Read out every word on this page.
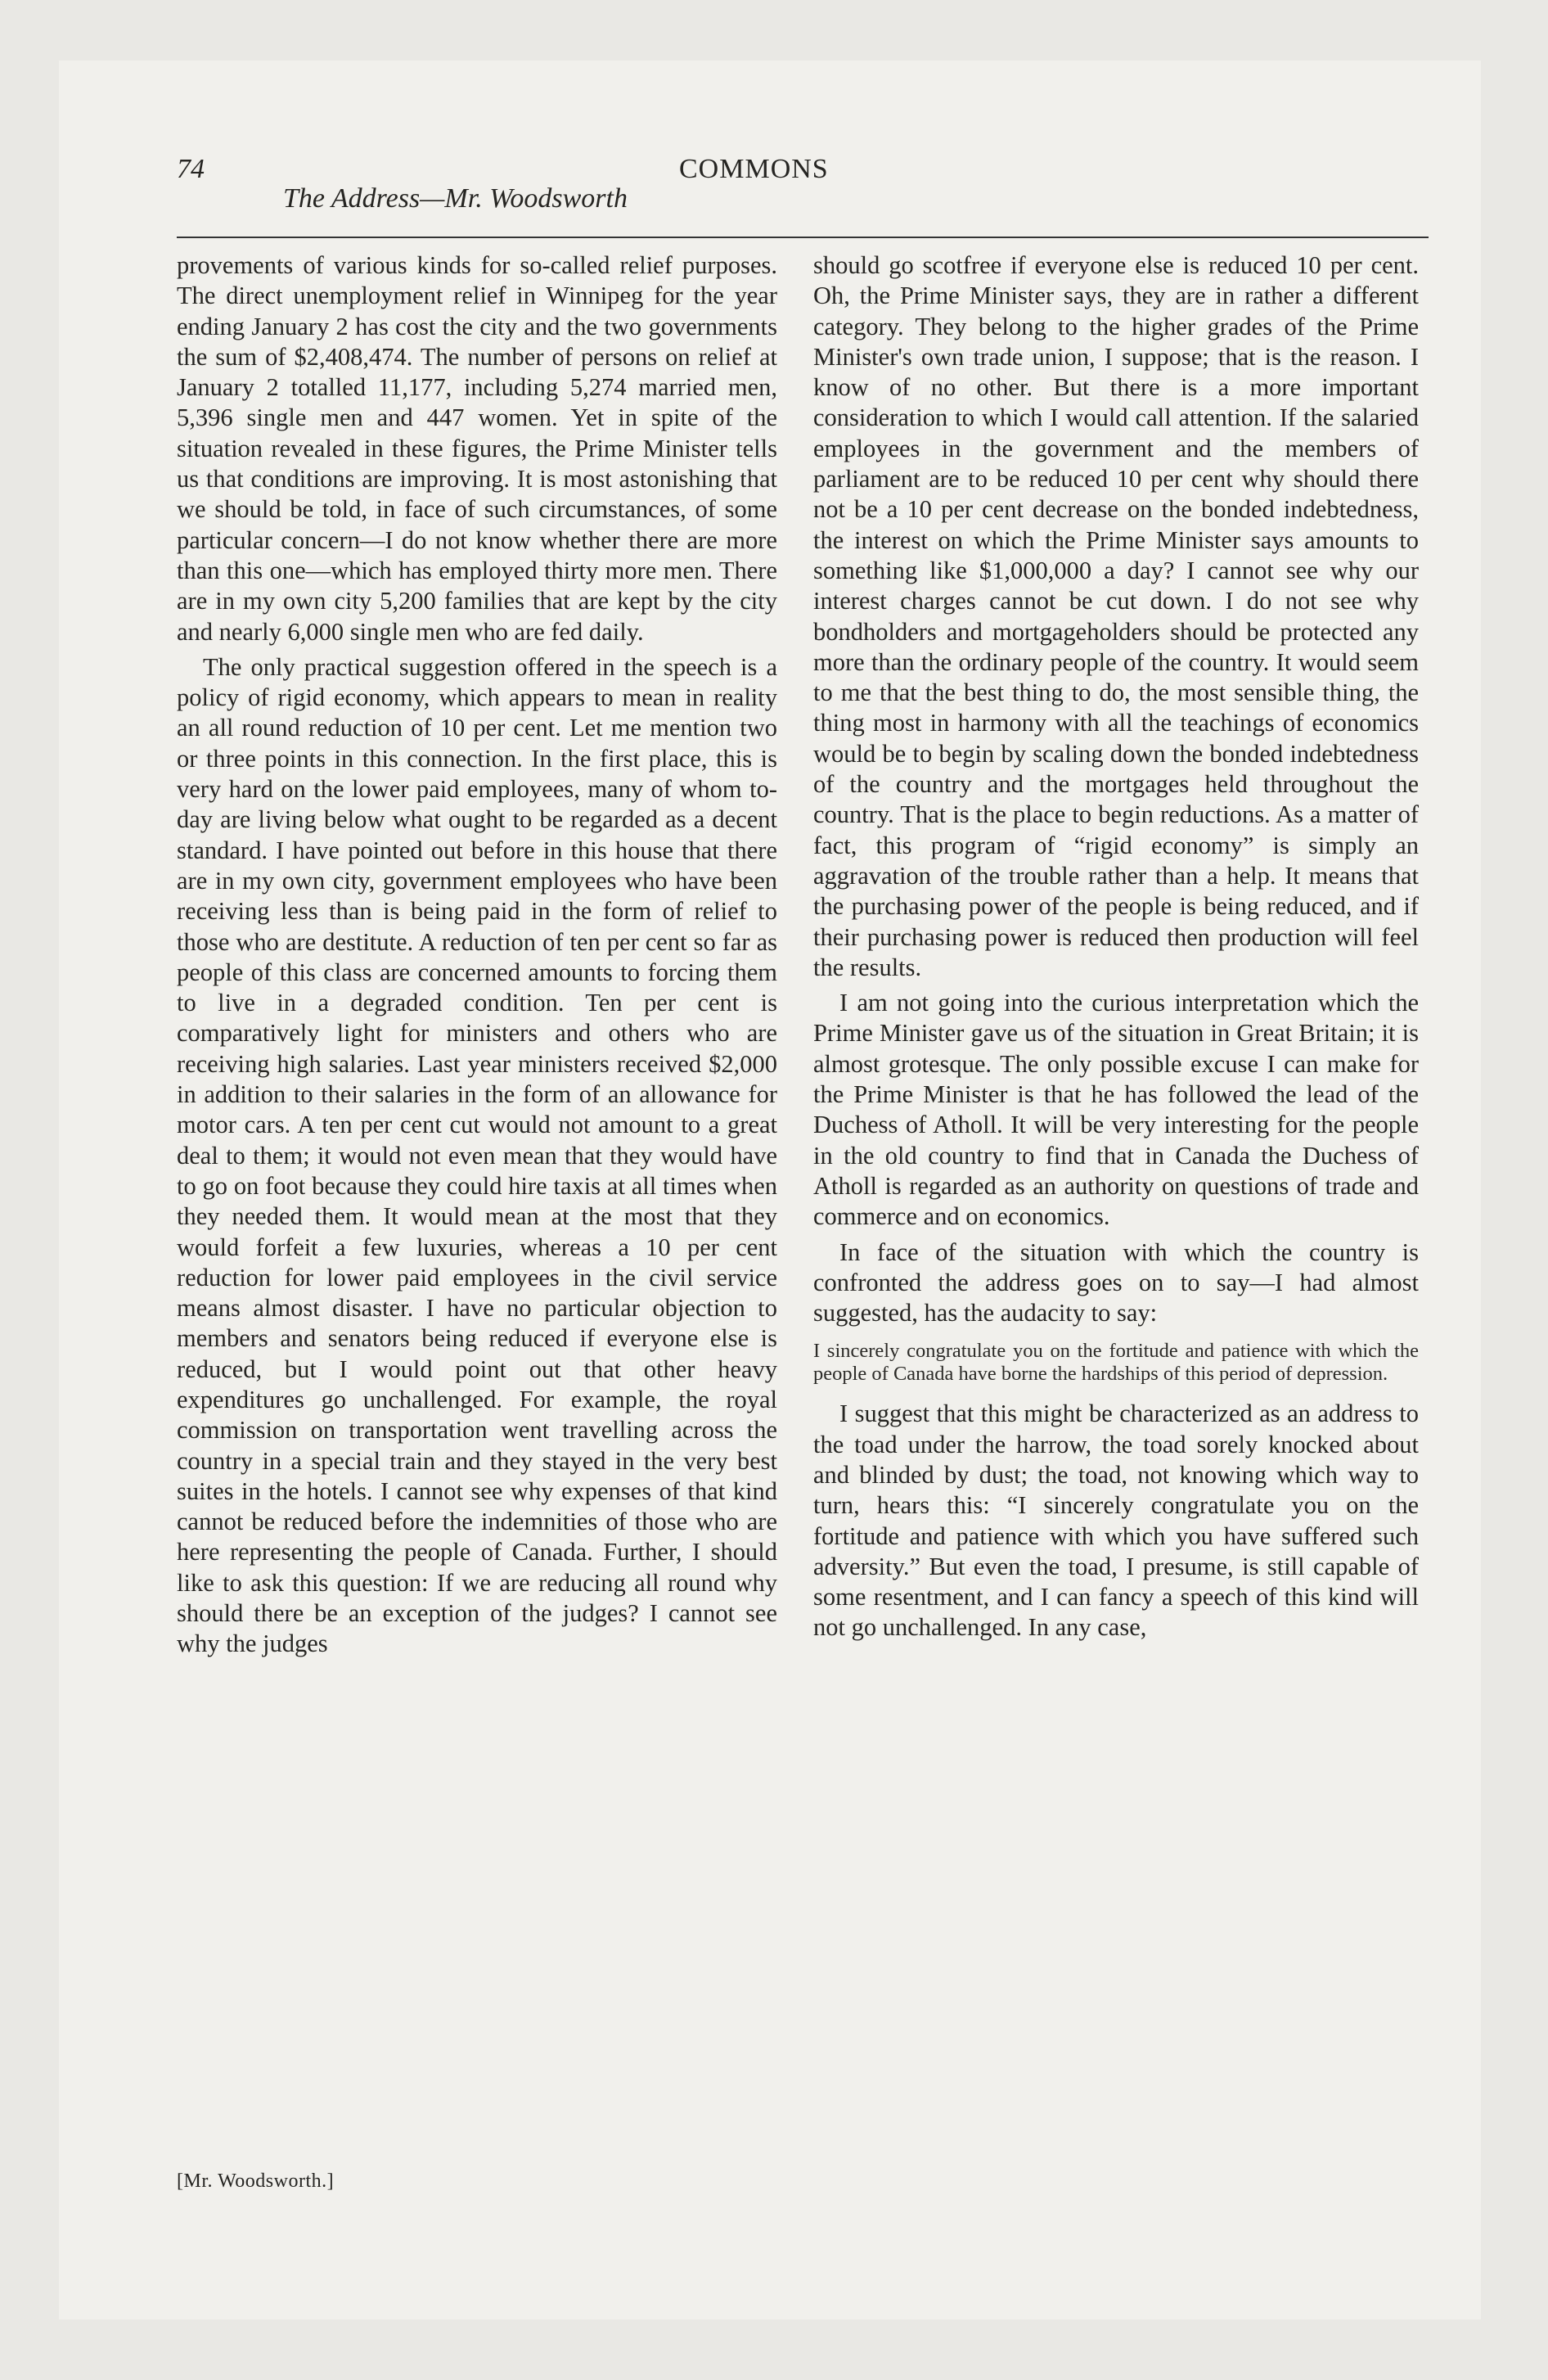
74	COMMONS
The Address—Mr. Woodsworth

provements of various kinds for so-called relief purposes. The direct unemployment relief in Winnipeg for the year ending January 2 has cost the city and the two governments the sum of $2,408,474. The number of persons on relief at January 2 totalled 11,177, including 5,274 married men, 5,396 single men and 447 women. Yet in spite of the situation revealed in these figures, the Prime Minister tells us that conditions are improving. It is most astonishing that we should be told, in face of such circumstances, of some particular concern—I do not know whether there are more than this one—which has employed thirty more men. There are in my own city 5,200 families that are kept by the city and nearly 6,000 single men who are fed daily.

The only practical suggestion offered in the speech is a policy of rigid economy, which appears to mean in reality an all round reduction of 10 per cent. Let me mention two or three points in this connection. In the first place, this is very hard on the lower paid employees, many of whom to-day are living below what ought to be regarded as a decent standard. I have pointed out before in this house that there are in my own city, government employees who have been receiving less than is being paid in the form of relief to those who are destitute. A reduction of ten per cent so far as people of this class are concerned amounts to forcing them to live in a degraded condition. Ten per cent is comparatively light for ministers and others who are receiving high salaries. Last year ministers received $2,000 in addition to their salaries in the form of an allowance for motor cars. A ten per cent cut would not amount to a great deal to them; it would not even mean that they would have to go on foot because they could hire taxis at all times when they needed them. It would mean at the most that they would forfeit a few luxuries, whereas a 10 per cent reduction for lower paid employees in the civil service means almost disaster. I have no particular objection to members and senators being reduced if everyone else is reduced, but I would point out that other heavy expenditures go unchallenged. For example, the royal commission on transportation went travelling across the country in a special train and they stayed in the very best suites in the hotels. I cannot see why expenses of that kind cannot be reduced before the indemnities of those who are here representing the people of Canada. Further, I should like to ask this question: If we are reducing all round why should there be an exception of the judges? I cannot see why the judges

should go scotfree if everyone else is reduced 10 per cent. Oh, the Prime Minister says, they are in rather a different category. They belong to the higher grades of the Prime Minister's own trade union, I suppose; that is the reason. I know of no other. But there is a more important consideration to which I would call attention. If the salaried employees in the government and the members of parliament are to be reduced 10 per cent why should there not be a 10 per cent decrease on the bonded indebtedness, the interest on which the Prime Minister says amounts to something like $1,000,000 a day? I cannot see why our interest charges cannot be cut down. I do not see why bondholders and mortgageholders should be protected any more than the ordinary people of the country. It would seem to me that the best thing to do, the most sensible thing, the thing most in harmony with all the teachings of economics would be to begin by scaling down the bonded indebtedness of the country and the mortgages held throughout the country. That is the place to begin reductions. As a matter of fact, this program of “rigid economy” is simply an aggravation of the trouble rather than a help. It means that the purchasing power of the people is being reduced, and if their purchasing power is reduced then production will feel the results.

I am not going into the curious interpretation which the Prime Minister gave us of the situation in Great Britain; it is almost grotesque. The only possible excuse I can make for the Prime Minister is that he has followed the lead of the Duchess of Atholl. It will be very interesting for the people in the old country to find that in Canada the Duchess of Atholl is regarded as an authority on questions of trade and commerce and on economics.

In face of the situation with which the country is confronted the address goes on to say—I had almost suggested, has the audacity to say:

I sincerely congratulate you on the fortitude and patience with which the people of Canada have borne the hardships of this period of depression.

I suggest that this might be characterized as an address to the toad under the harrow, the toad sorely knocked about and blinded by dust; the toad, not knowing which way to turn, hears this: “I sincerely congratulate you on the fortitude and patience with which you have suffered such adversity.” But even the toad, I presume, is still capable of some resentment, and I can fancy a speech of this kind will not go unchallenged. In any case,

[Mr. Woodsworth.]
